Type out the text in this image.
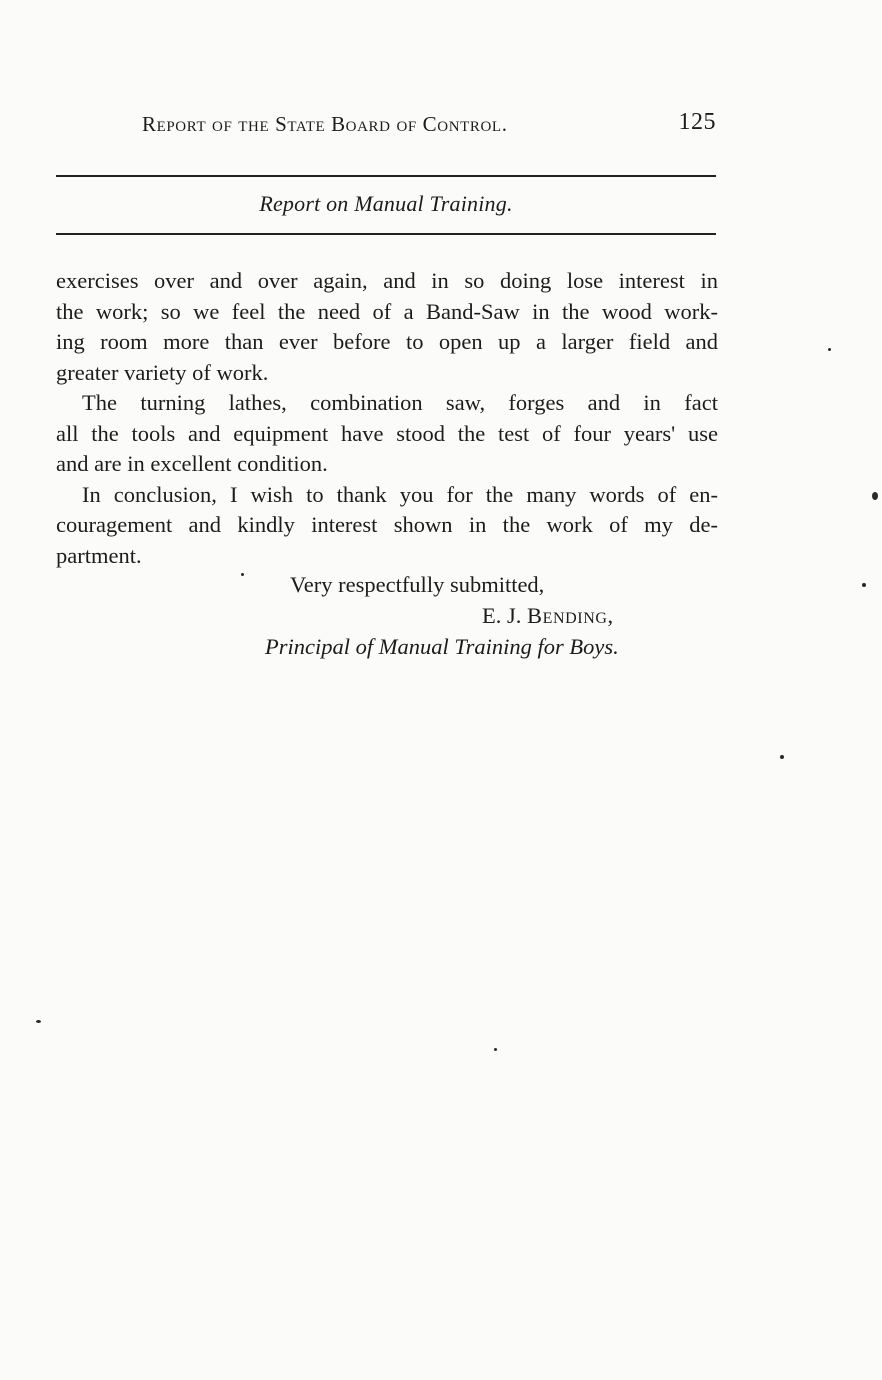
Report of the State Board of Control.	125
Report on Manual Training.
exercises over and over again, and in so doing lose interest in
the work; so we feel the need of a Band-Saw in the wood work-
ing room more than ever before to open up a larger field and
greater variety of work.
The turning lathes, combination saw, forges and in fact
all the tools and equipment have stood the test of four years' use
and are in excellent condition.
In conclusion, I wish to thank you for the many words of en-
couragement and kindly interest shown in the work of my de-
partment.
Very respectfully submitted,
E. J. Bending,
Principal of Manual Training for Boys.
